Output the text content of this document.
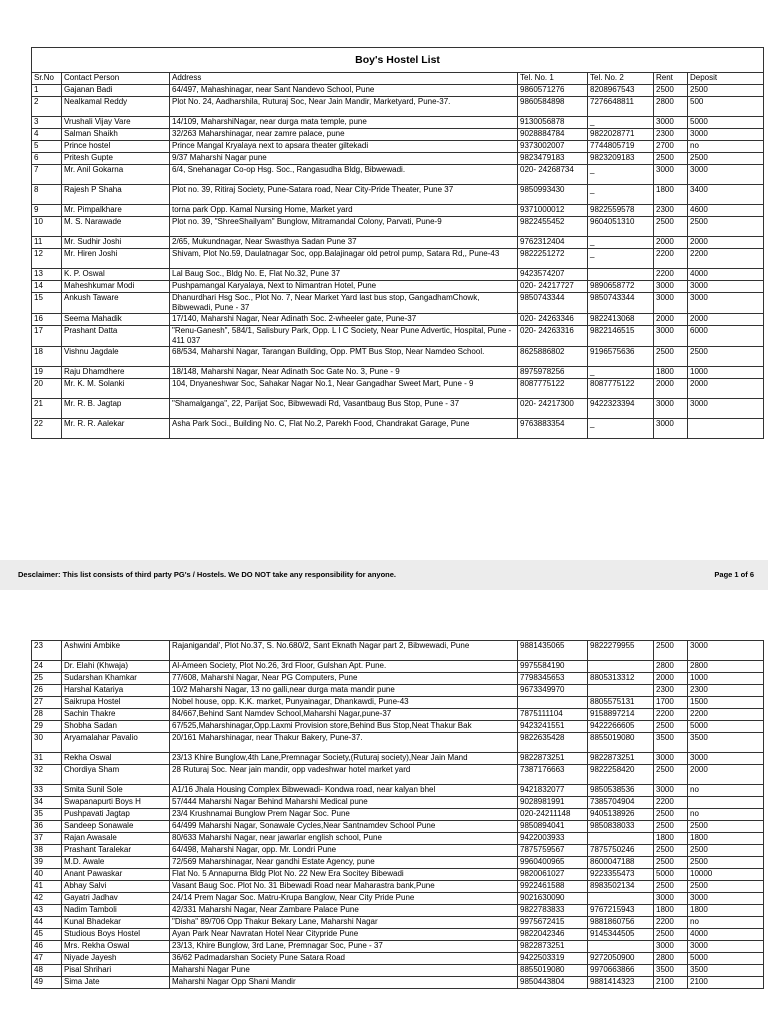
Boy's Hostel List						
Sr.No	Contact Person	Address	Tel. No. 1	Tel. No. 2	Rent	Deposit
1	Gajanan Badi	64/497, Mahashinagar, near Sant Nandevo School, Pune	9860571276	8208967543	2500	2500
2	Nealkamal Reddy	Plot No. 24, Aadharshila, Ruturaj Soc, Near Jain Mandir, Marketyard, Pune-37.	9860584898	7276648811	2800	500
3	Vrushali Vijay Vare	14/109, MaharshiNagar, near durga mata temple, pune	9130056878	_	3000	5000
4	Salman Shaikh	32/263 Maharshinagar, near zamre palace, pune	9028884784	9822028771	2300	3000
5	Prince hostel	Prince Mangal Kryalaya next to apsara theater giltekadi	9373002007	7744805719	2700	no
6	Pritesh Gupte	9/37 Maharshi Nagar pune	9823479183	9823209183	2500	2500
7	Mr. Anil Gokarna	6/4, Snehanagar Co-op Hsg. Soc., Rangasudha Bldg, Bibwewadi.	020- 24268734	_	3000	3000
8	Rajesh P Shaha	Plot no. 39, Ritiraj Society, Pune-Satara road, Near City-Pride Theater, Pune 37	9850993430	_	1800	3400
9	Mr. Pimpalkhare	torna park Opp. Kamal Nursing Home, Market yard	9371000012	9822559578	2300	4600
10	M. S. Narawade	Plot no. 39, "ShreeShailyam" Bunglow, Mitramandal Colony, Parvati, Pune-9	9822455452	9604051310	2500	2500
11	Mr. Sudhir Joshi	2/65, Mukundnagar, Near Swasthya Sadan Pune 37	9762312404	_	2000	2000
12	Mr. Hiren Joshi	Shivam, Plot No.59, Daulatnagar Soc, opp.Balajinagar old petrol pump, Satara Rd,, Pune-43	9822251272	_	2200	2200
13	K. P. Oswal	Lal Baug Soc., Bldg No. E, Flat No.32, Pune 37	9423574207		2200	4000
14	Maheshkumar Modi	Pushpamangal Karyalaya, Next to Nimantran Hotel, Pune	020- 24217727	9890658772	3000	3000
15	Ankush Taware	Dhanurdhari Hsg Soc., Plot No. 7, Near Market Yard last bus stop, GangadhamChowk, Bibwewadi, Pune - 37	9850743344	9850743344	3000	3000
16	Seema Mahadik	17/140, Maharshi Nagar, Near Adinath Soc. 2-wheeler gate, Pune-37	020- 24263346	9822413068	2000	2000
17	Prashant Datta	"Renu-Ganesh", 584/1, Salisbury Park, Opp. L I C Society, Near Pune Advertic, Hospital, Pune - 411 037	020- 24263316	9822146515	3000	6000
18	Vishnu Jagdale	68/534, Maharshi Nagar, Tarangan Building, Opp. PMT Bus Stop, Near Namdeo School.	8625886802	9196575636	2500	2500
19	Raju Dhamdhere	18/148, Maharshi Nagar, Near Adinath Soc Gate No. 3, Pune - 9	8975978256	_	1800	1000
20	Mr. K. M. Solanki	104, Dnyaneshwar Soc, Sahakar Nagar No.1, Near Gangadhar Sweet Mart, Pune - 9	8087775122	8087775122	2000	2000
21	Mr. R. B. Jagtap	"Shamalganga", 22, Parijat Soc, Bibwewadi Rd, Vasantbaug Bus Stop, Pune - 37	020- 24217300	9422323394	3000	3000
22	Mr. R. R. Aalekar	Asha Park Soci., Building No. C, Flat No.2, Parekh Food, Chandrakat Garage, Pune	9763883354	_	3000	
Desclaimer: This list consists of third party PG's / Hostels. We DO NOT take any responsibility for anyone.	Page 1 of 6
23	Ashwini Ambike	Rajanigandal', Plot No.37, S. No.680/2, Sant Eknath Nagar part 2, Bibwewadi, Pune	9881435065	9822279955	2500	3000
24	Dr. Elahi (Khwaja)	Al-Ameen Society, Plot No.26, 3rd Floor, Gulshan Apt. Pune.	9975584190		2800	2800
25	Sudarshan Khamkar	77/608, Maharshi Nagar, Near PG Computers, Pune	7798345653	8805313312	2000	1000
26	Harshal Katariya	10/2 Maharshi Nagar, 13 no galli,near durga mata mandir pune	9673349970		2300	2300
27	Saikrupa Hostel	Nobel house, opp. K.K. market, Punyainagar, Dhankawdi, Pune-43		8805575131	1700	1500
28	Sachin Thakre	84/667,Behind Sant Namdev School,Maharshi Nagar,pune-37	7875111104	9158897214	2200	2200
29	Shobha Sadan	67/525,Maharshinagar,Opp.Laxmi Provision store,Behind Bus Stop,Neat Thakur Bak	9423241551	9422266605	2500	5000
30	Aryamalahar Pavalio	20/161 Maharshinagar, near Thakur Bakery, Pune-37.	9822635428	8855019080	3500	3500
31	Rekha Oswal	23/13 Khire Bunglow,4th Lane,Premnagar Society,(Ruturaj society),Near Jain Mand	9822873251	9822873251	3000	3000
32	Chordiya Sham	28 Ruturaj Soc. Near jain mandir, opp vadeshwar hotel market yard	7387176663	9822258420	2500	2000
33	Smita Sunil Sole	A1/16 Jhala Housing Complex Bibwewadi- Kondwa road, near kalyan bhel	9421832077	9850538536	3000	no
34	Swapanapurti Boys H	57/444 Maharshi Nagar Behind Maharshi Medical pune	9028981991	7385704904	2200	
35	Pushpavati Jagtap	23/4 Krushnamai Bunglow Prem Nagar Soc. Pune	020-24211148	9405138926	2500	no
36	Sandeep Sonawale	64/499 Maharshi Nagar, Sonawale Cycles,Near Santnamdev School Pune	9850894041	9850838033	2500	2500
37	Rajan Awasale	80/633 Maharshi Nagar, near jawarlar english school, Pune	9422003933		1800	1800
38	Prashant Taralekar	64/498, Maharshi Nagar, opp. Mr. Londri Pune	7875759567	7875750246	2500	2500
39	M.D. Awale	72/569 Maharshinagar, Near gandhi Estate Agency, pune	9960400965	8600047188	2500	2500
40	Anant Pawaskar	Flat No. 5 Annapurna Bldg Plot No. 22 New Era Socitey Bibewadi	9820061027	9223355473	5000	10000
41	Abhay Salvi	Vasant Baug Soc. Plot No. 31 Bibewadi Road near Maharastra bank,Pune	9922461588	8983502134	2500	2500
42	Gayatri Jadhav	24/14 Prem Nagar Soc. Matru-Krupa Banglow, Near City Pride Pune	9021630090		3000	3000
43	Nadim Tamboli	42/331 Maharshi Nagar, Near Zambare Palace Pune	9822783833	9767215943	1800	1800
44	Kunal Bhadekar	"Disha" 89/706 Opp Thakur Bekary Lane, Maharshi Nagar	9975672415	9881860756	2200	no
45	Studious Boys Hostel	Ayan Park Near Navratan Hotel Near Citypride Pune	9822042346	9145344505	2500	4000
46	Mrs. Rekha Oswal	23/13, Khire Bunglow, 3rd Lane, Premnagar Soc, Pune - 37	9822873251		3000	3000
47	Niyade Jayesh	36/62 Padmadarshan Society Pune Satara Road	9422503319	9272050900	2800	5000
48	Pisal Shrihari	Maharshi Nagar Pune	8855019080	9970663866	3500	3500
49	Sima Jate	Maharshi Nagar Opp Shani Mandir	9850443804	9881414323	2100	2100
